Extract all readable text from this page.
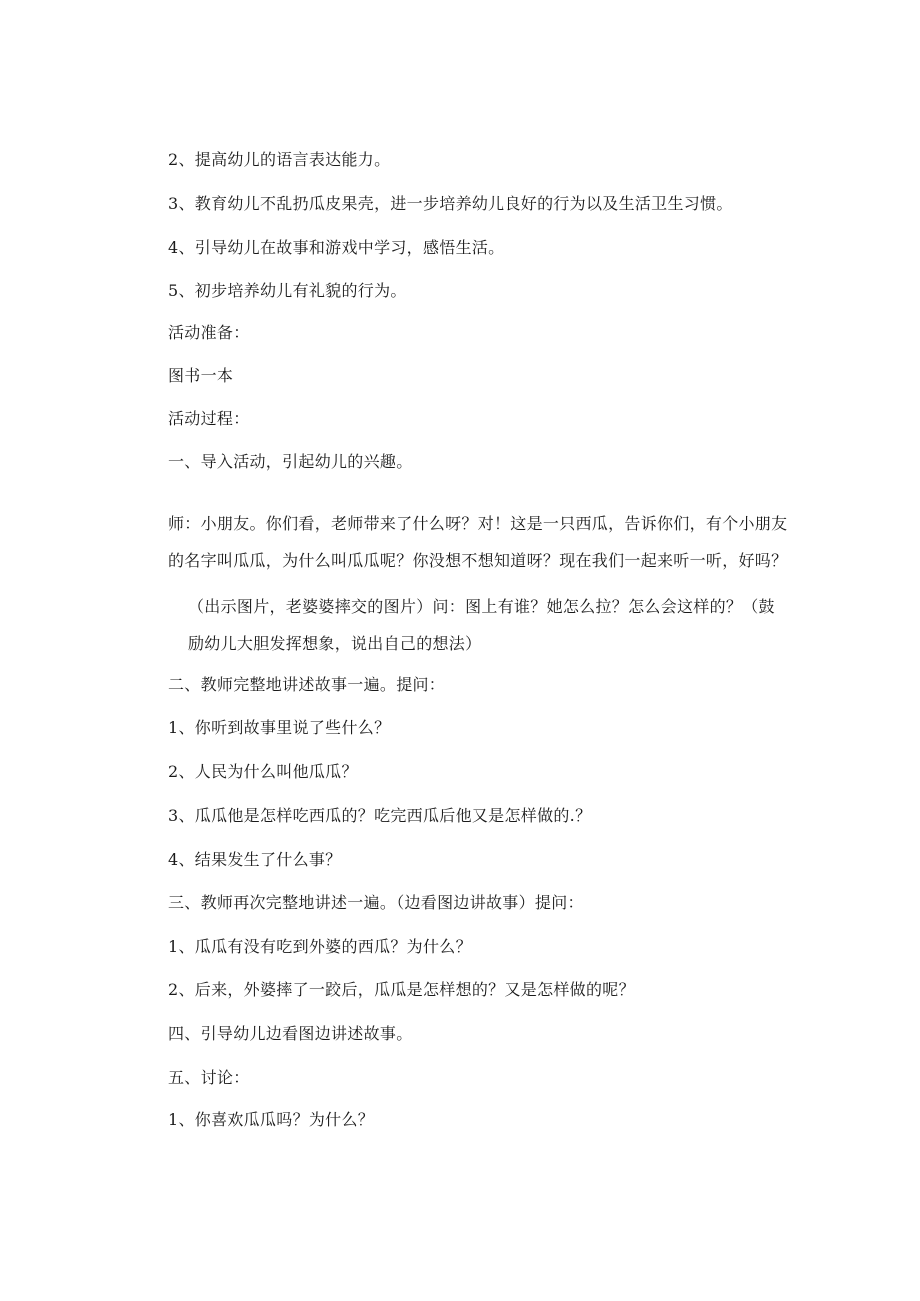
2、提高幼儿的语言表达能力。

3、教育幼儿不乱扔瓜皮果壳，进一步培养幼儿良好的行为以及生活卫生习惯。

4、引导幼儿在故事和游戏中学习，感悟生活。

5、初步培养幼儿有礼貌的行为。

活动准备：

图书一本

活动过程：

一、导入活动，引起幼儿的兴趣。

师：小朋友。你们看，老师带来了什么呀？对！这是一只西瓜，告诉你们，有个小朋友的名字叫瓜瓜，为什么叫瓜瓜呢？你没想不想知道呀？现在我们一起来听一听，好吗？

（出示图片，老婆婆摔交的图片）问：图上有谁？她怎么拉？怎么会这样的？（鼓励幼儿大胆发挥想象，说出自己的想法）

二、教师完整地讲述故事一遍。提问：

1、你听到故事里说了些什么？

2、人民为什么叫他瓜瓜？

3、瓜瓜他是怎样吃西瓜的？吃完西瓜后他又是怎样做的.？

4、结果发生了什么事？

三、教师再次完整地讲述一遍。（边看图边讲故事）提问：

1、瓜瓜有没有吃到外婆的西瓜？为什么？

2、后来，外婆摔了一跤后，瓜瓜是怎样想的？又是怎样做的呢？

四、引导幼儿边看图边讲述故事。

五、讨论：

1、你喜欢瓜瓜吗？为什么？
